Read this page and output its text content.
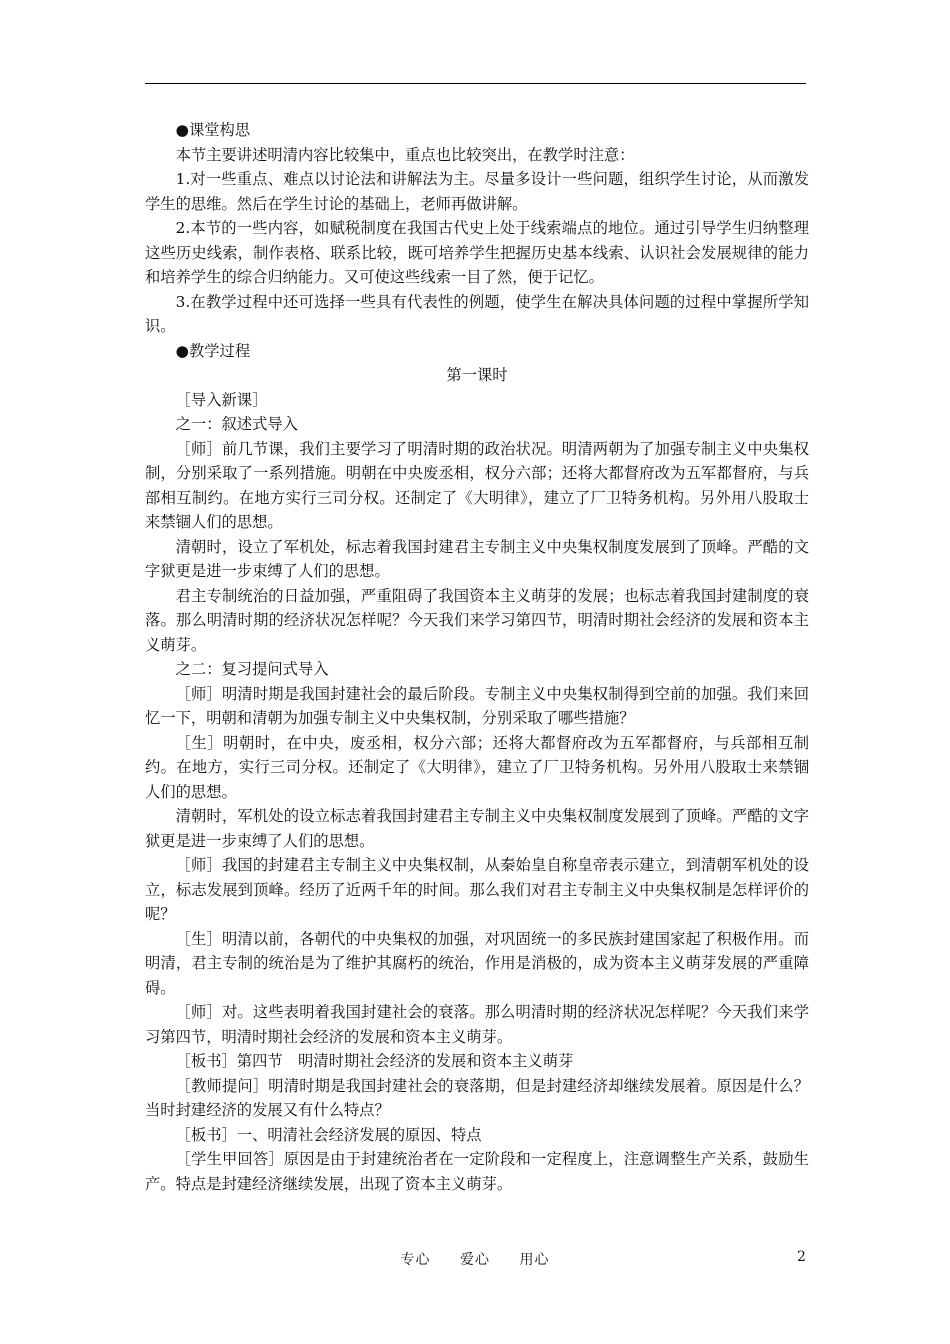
●课堂构思

本节主要讲述明清内容比较集中，重点也比较突出，在教学时注意：

1.对一些重点、难点以讨论法和讲解法为主。尽量多设计一些问题，组织学生讨论，从而激发学生的思维。然后在学生讨论的基础上，老师再做讲解。

2.本节的一些内容，如赋税制度在我国古代史上处于线索端点的地位。通过引导学生归纳整理这些历史线索，制作表格、联系比较，既可培养学生把握历史基本线索、认识社会发展规律的能力和培养学生的综合归纳能力。又可使这些线索一目了然，便于记忆。

3.在教学过程中还可选择一些具有代表性的例题，使学生在解决具体问题的过程中掌握所学知识。

●教学过程

第一课时

［导入新课］

之一：叙述式导入

［师］前几节课，我们主要学习了明清时期的政治状况。明清两朝为了加强专制主义中央集权制，分别采取了一系列措施。明朝在中央废丞相，权分六部；还将大都督府改为五军都督府，与兵部相互制约。在地方实行三司分权。还制定了《大明律》，建立了厂卫特务机构。另外用八股取士来禁锢人们的思想。

清朝时，设立了军机处，标志着我国封建君主专制主义中央集权制度发展到了顶峰。严酷的文字狱更是进一步束缚了人们的思想。

君主专制统治的日益加强，严重阻碍了我国资本主义萌芽的发展；也标志着我国封建制度的衰落。那么明清时期的经济状况怎样呢？今天我们来学习第四节，明清时期社会经济的发展和资本主义萌芽。

之二：复习提问式导入

［师］明清时期是我国封建社会的最后阶段。专制主义中央集权制得到空前的加强。我们来回忆一下，明朝和清朝为加强专制主义中央集权制，分别采取了哪些措施？

［生］明朝时，在中央，废丞相，权分六部；还将大都督府改为五军都督府，与兵部相互制约。在地方，实行三司分权。还制定了《大明律》，建立了厂卫特务机构。另外用八股取士来禁锢人们的思想。

清朝时，军机处的设立标志着我国封建君主专制主义中央集权制度发展到了顶峰。严酷的文字狱更是进一步束缚了人们的思想。

［师］我国的封建君主专制主义中央集权制，从秦始皇自称皇帝表示建立，到清朝军机处的设立，标志发展到顶峰。经历了近两千年的时间。那么我们对君主专制主义中央集权制是怎样评价的呢？

［生］明清以前，各朝代的中央集权的加强，对巩固统一的多民族封建国家起了积极作用。而明清，君主专制的统治是为了维护其腐朽的统治，作用是消极的，成为资本主义萌芽发展的严重障碍。

［师］对。这些表明着我国封建社会的衰落。那么明清时期的经济状况怎样呢？今天我们来学习第四节，明清时期社会经济的发展和资本主义萌芽。

［板书］第四节　明清时期社会经济的发展和资本主义萌芽

［教师提问］明清时期是我国封建社会的衰落期，但是封建经济却继续发展着。原因是什么？当时封建经济的发展又有什么特点？

［板书］一、明清社会经济发展的原因、特点

［学生甲回答］原因是由于封建统治者在一定阶段和一定程度上，注意调整生产关系，鼓励生产。特点是封建经济继续发展，出现了资本主义萌芽。

专心 爱心 用心	2
